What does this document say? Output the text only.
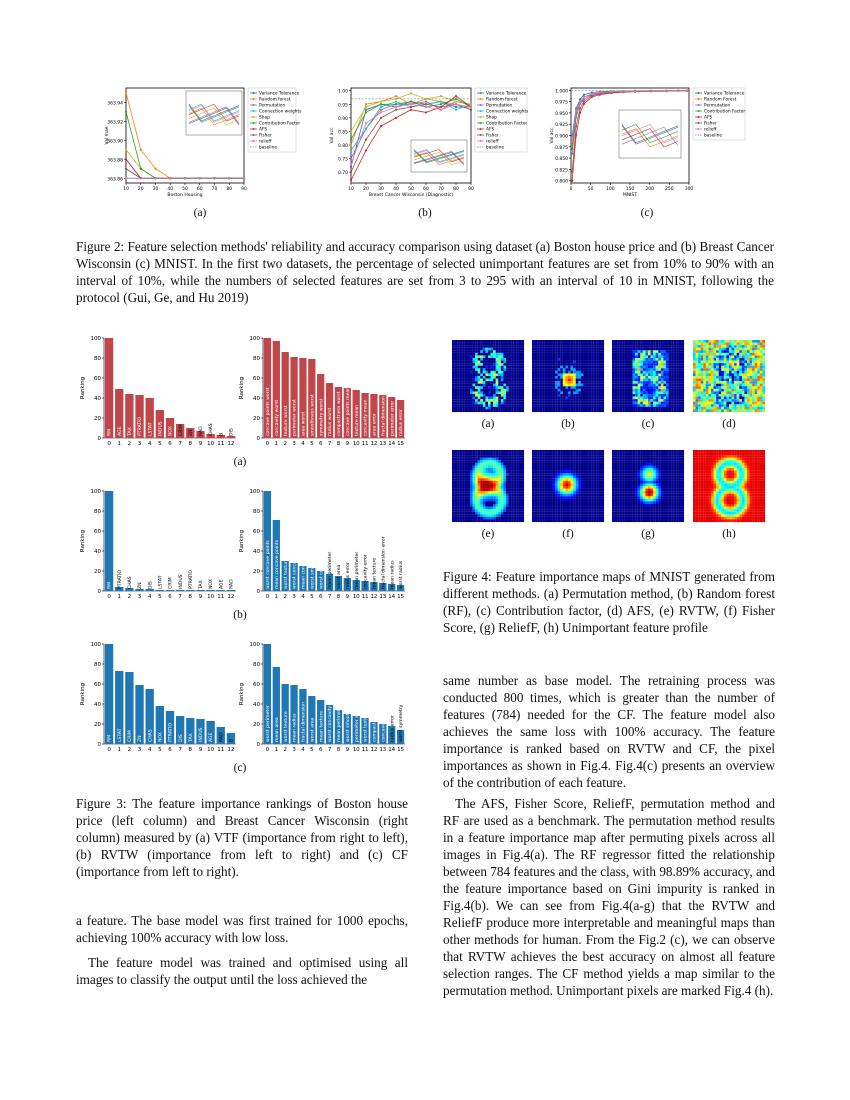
363.86
363.88
363.90
363.92
363.94
10 20 30 40 50 60 70 80 90
Boston Housing
Val mae
Variance Tolerance
Random forest
Permutation
Connection weights
Shap
Contribution Factor
AFS
Fisher
relieff
baseline
0.70
0.75
0.80
0.85
0.90
0.95
1.00
10 20 30 40 50 60 70 80 90
Breast Cancer Wisconsin (Diagnostic)
Val acc
Variance Tolerance
Random forest
Permutation
Connection weights
Shap
Contribution Factor
AFS
Fisher
reliefF
baseline
0.800
0.825
0.850
0.875
0.900
0.925
0.950
0.975
1.000
0	50	100 150 200 250 300
MNIST
Val acc
Variance Tolerance
Random Forest
Permutation
Contribution Factor
AFS
Fisher
relieff
baseline
(a)	(b)	(c)
Figure 2: Feature selection methods' reliability and accuracy comparison using dataset (a) Boston house price and (b) Breast Cancer Wisconsin (c) MNIST. In the first two datasets, the percentage of selected unimportant features are set from 10% to 90% with an interval of 10%, while the numbers of selected features are set from 3 to 295 with an interval of 10 in MNIST, following the protocol (Gui, Ge, and Hu 2019)
0
20
40
60
80
100
Ranking
0
RM
1
AGE
2
TAX
3
PTRATIO
4
LSTAT
5
INDUS
6
NOX
7
CRIM
8
ZN
9
RAD
10
CHAS
11
B
12
DIS
0
20
40
60
80
100
Ranking
0
concave points worst
1
concavity worst
2
texture worst
3
perimeter worst
4
area worst
5
smoothness worst
6
symmetry worst
7
radius worst
8
compactness worst
9
concave points mean
10
texture mean
11
concavity mean
12
area error
13
fractal dimension worst
14
perimeter error
15
radius error
(a)
0
20
40
60
80
100
Ranking
0
RM
1
PTRATIO
2
CHAS
3
ZN
4
DIS
5
LSTAT
6
CRIM
7
INDUS
8
PTRATIO
9
TAX
10
NOX
11
AGE
12
RAD
0
20
40
60
80
100
Ranking
0
worst concave points
1
mean concave points
2
worst texture
3
worst concavity
4
mean concave points
5
worst smoothness error
6
worst concavity
7
mean perimeter
8
worst area
9
radius error
10
mean perimeter
11
concavity error
12
mean texture
13
fractal dimension error
14
mean radius
15
worst radius
(b)
0
20
40
60
80
100
Ranking
0
RM
1
LSTAT
2
CRIM
3
ZN
4
CHAS
5
NOX
6
PTRATIO
7
DIS
8
TAX
9
INDUS
10
AGE
11
RAD
12
B
0
20
40
60
80
100
Ranking
0
worst perimeter
1
mean area
2
worst texture
3
mean radius
4
fractal dimension
5
worst area
6
mean texture
7
worst concavity
8
mean perimeter
9
worst smoothness
10
perimeter error
11
worst texture
12
compactness
13
concave points error
14
radius error
15
worst symmetry
(c)
Figure 3: The feature importance rankings of Boston house price (left column) and Breast Cancer Wisconsin (right column) measured by (a) VTF (importance from right to left), (b) RVTW (importance from left to right) and (c) CF (importance from left to right).
(a)	(b)	(c)	(d)
(e)	(f)	(g)	(h)
Figure 4: Feature importance maps of MNIST generated from different methods. (a) Permutation method, (b) Random forest (RF), (c) Contribution factor, (d) AFS, (e) RVTW, (f) Fisher Score, (g) ReliefF, (h) Unimportant feature profile

a feature. The base model was first trained for 1000 epochs, achieving 100% accuracy with low loss.

The feature model was trained and optimised using all images to classify the output until the loss achieved the

same number as base model. The retraining process was conducted 800 times, which is greater than the number of features (784) needed for the CF. The feature model also achieves the same loss with 100% accuracy. The feature importance is ranked based on RVTW and CF, the pixel importances as shown in Fig.4. Fig.4(c) presents an overview of the contribution of each feature.

The AFS, Fisher Score, ReliefF, permutation method and RF are used as a benchmark. The permutation method results in a feature importance map after permuting pixels across all images in Fig.4(a). The RF regressor fitted the relationship between 784 features and the class, with 98.89% accuracy, and the feature importance based on Gini impurity is ranked in Fig.4(b). We can see from Fig.4(a-g) that the RVTW and ReliefF produce more interpretable and meaningful maps than other methods for human. From the Fig.2 (c), we can observe that RVTW achieves the best accuracy on almost all feature selection ranges. The CF method yields a map similar to the permutation method. Unimportant pixels are marked Fig.4 (h).
